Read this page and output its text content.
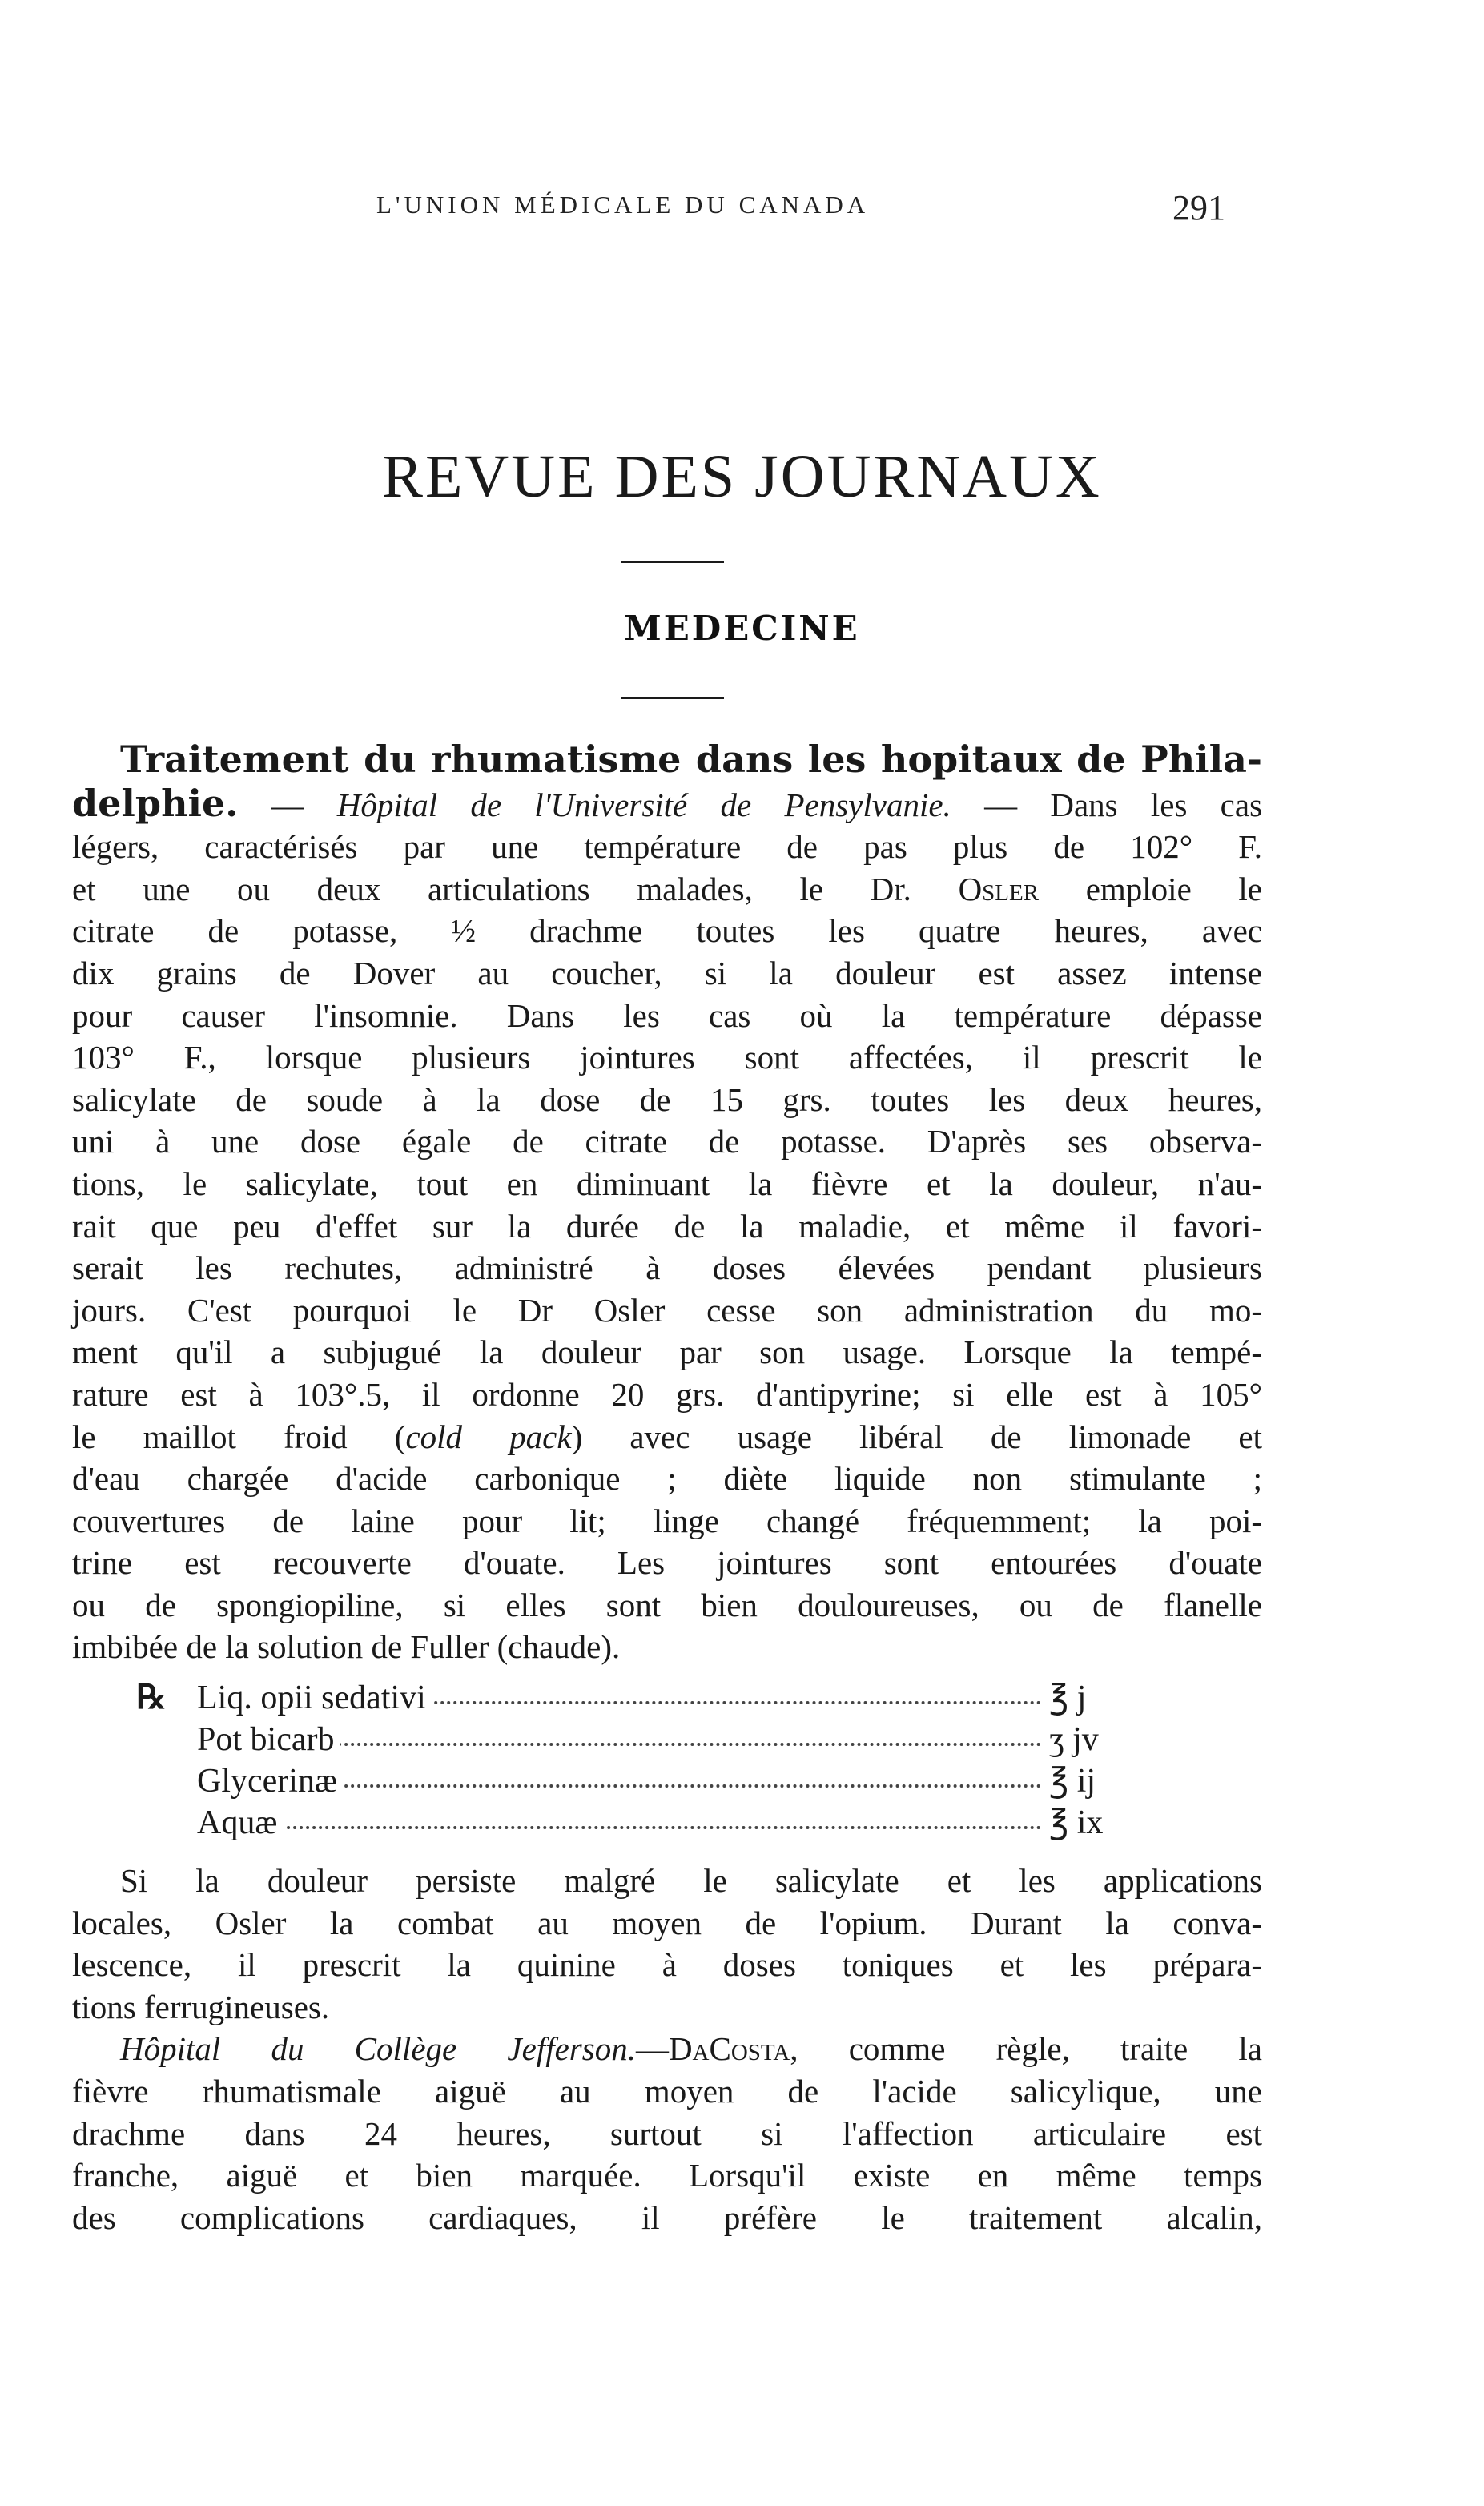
L'UNION MÉDICALE DU CANADA	291
REVUE DES JOURNAUX
MEDECINE
Traitement du rhumatisme dans les hopitaux de Phila-
delphie. — Hôpital de l'Université de Pensylvanie. — Dans les cas
légers, caractérisés par une température de pas plus de 102° F.
et une ou deux articulations malades, le Dr. Osler emploie le
citrate de potasse, ½ drachme toutes les quatre heures, avec
dix grains de Dover au coucher, si la douleur est assez intense
pour causer l'insomnie. Dans les cas où la température dépasse
103° F., lorsque plusieurs jointures sont affectées, il prescrit le
salicylate de soude à la dose de 15 grs. toutes les deux heures,
uni à une dose égale de citrate de potasse. D'après ses observa-
tions, le salicylate, tout en diminuant la fièvre et la douleur, n'au-
rait que peu d'effet sur la durée de la maladie, et même il favori-
serait les rechutes, administré à doses élevées pendant plusieurs
jours. C'est pourquoi le Dr Osler cesse son administration du mo-
ment qu'il a subjugué la douleur par son usage. Lorsque la tempé-
rature est à 103°.5, il ordonne 20 grs. d'antipyrine; si elle est à 105°
le maillot froid (cold pack) avec usage libéral de limonade et
d'eau chargée d'acide carbonique ; diète liquide non stimulante ;
couvertures de laine pour lit; linge changé fréquemment; la poi-
trine est recouverte d'ouate. Les jointures sont entourées d'ouate
ou de spongiopiline, si elles sont bien douloureuses, ou de flanelle
imbibée de la solution de Fuller (chaude).
℞ Liq. opii sedativi	℥ j
Pot bicarb	ʒ jv
Glycerinæ	℥ ij
Aquæ	℥ ix
Si la douleur persiste malgré le salicylate et les applications
locales, Osler la combat au moyen de l'opium. Durant la conva-
lescence, il prescrit la quinine à doses toniques et les prépara-
tions ferrugineuses.
Hôpital du Collège Jefferson.—DaCosta, comme règle, traite la
fièvre rhumatismale aiguë au moyen de l'acide salicylique, une
drachme dans 24 heures, surtout si l'affection articulaire est
franche, aiguë et bien marquée. Lorsqu'il existe en même temps
des complications cardiaques, il préfère le traitement alcalin,
